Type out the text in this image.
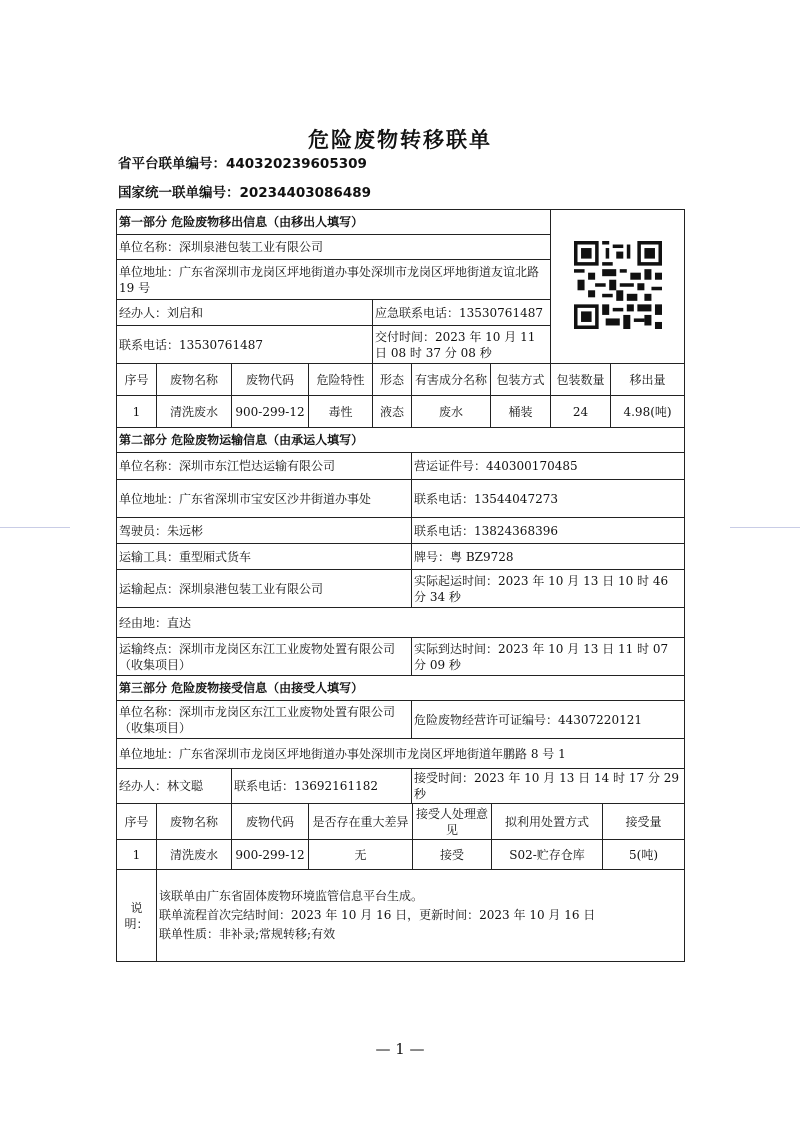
危险废物转移联单
省平台联单编号：440320239605309
国家统一联单编号：20234403086489
第一部分 危险废物移出信息（由移出人填写）	
单位名称：深圳泉港包装工业有限公司								
单位地址：广东省深圳市龙岗区坪地街道办事处深圳市龙岗区坪地街道友谊北路 19 号								
经办人：刘启和				应急联系电话：13530761487				
联系电话：13530761487				交付时间：2023 年 10 月 11 日 08 时 37 分 08 秒				

序号	废物名称	废物代码	危险特性	形态	有害成分名称	包装方式	包装数量	移出量
1	清洗废水	900-299-12	毒性	液态	废水	桶装	24	4.98(吨)
第二部分 危险废物运输信息（由承运人填写）								
单位名称：深圳市东江恺达运输有限公司					营运证件号：440300170485			
单位地址：广东省深圳市宝安区沙井街道办事处					联系电话：13544047273			
驾驶员：朱远彬					联系电话：13824368396			
运输工具：重型厢式货车					牌号：粤 BZ9728			
运输起点：深圳泉港包装工业有限公司					实际起运时间：2023 年 10 月 13 日 10 时 46 分 34 秒			
经由地：直达								
运输终点：深圳市龙岗区东江工业废物处置有限公司（收集项目）					实际到达时间：2023 年 10 月 13 日 11 时 07 分 09 秒			
第三部分 危险废物接受信息（由接受人填写）								
单位名称：深圳市龙岗区东江工业废物处置有限公司（收集项目）					危险废物经营许可证编号：44307220121			
单位地址：广东省深圳市龙岗区坪地街道办事处深圳市龙岗区坪地街道年鹏路 8 号 1								
经办人：林文聪		联系电话：13692161182			接受时间：2023 年 10 月 13 日 14 时 17 分 29 秒			
序号	废物名称	废物代码	是否存在重大差异	接受人处理意见	拟利用处置方式	接受量
1	清洗废水	900-299-12	无	接受	S02-贮存仓库	5(吨)
说明：	该联单由广东省固体废物环境监管信息平台生成。

联单流程首次完结时间：2023 年 10 月 16 日，更新时间：2023 年 10 月 16 日

联单性质：非补录;常规转移;有效					

— 1 —
